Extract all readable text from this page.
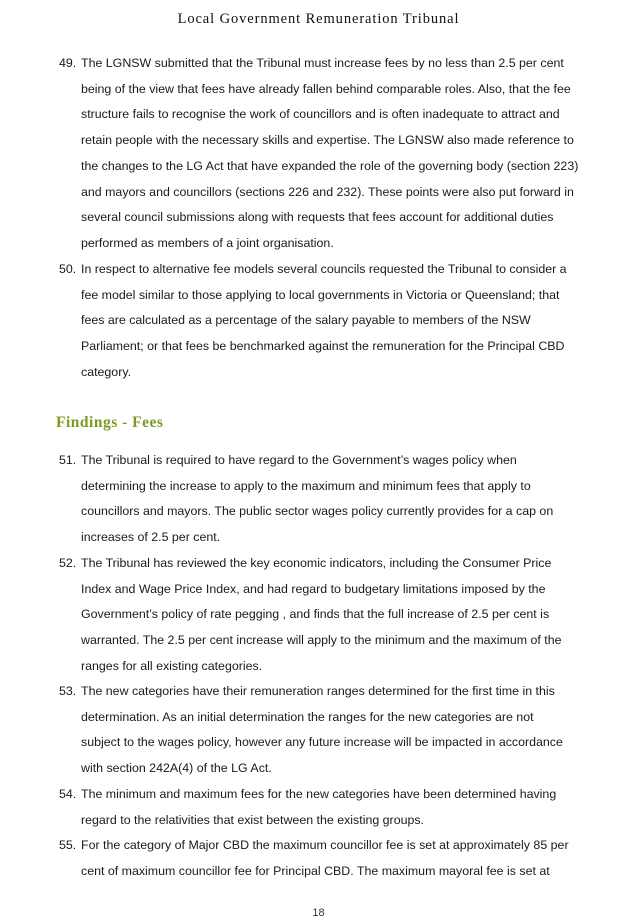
Local Government Remuneration Tribunal
49. The LGNSW submitted that the Tribunal must increase fees by no less than 2.5 per cent
being of the view that fees have already fallen behind comparable roles. Also, that the fee
structure fails to recognise the work of councillors and is often inadequate to attract and
retain people with the necessary skills and expertise. The LGNSW also made reference to
the changes to the LG Act that have expanded the role of the governing body (section 223)
and mayors and councillors (sections 226 and 232). These points were also put forward in
several council submissions along with requests that fees account for additional duties
performed as members of a joint organisation.
50. In respect to alternative fee models several councils requested the Tribunal to consider a
fee model similar to those applying to local governments in Victoria or Queensland; that
fees are calculated as a percentage of the salary payable to members of the NSW
Parliament; or that fees be benchmarked against the remuneration for the Principal CBD
category.
Findings - Fees
51. The Tribunal is required to have regard to the Government’s wages policy when
determining the increase to apply to the maximum and minimum fees that apply to
councillors and mayors. The public sector wages policy currently provides for a cap on
increases of 2.5 per cent.
52. The Tribunal has reviewed the key economic indicators, including the Consumer Price
Index and Wage Price Index, and had regard to budgetary limitations imposed by the
Government’s policy of rate pegging , and finds that the full increase of 2.5 per cent is
warranted. The 2.5 per cent increase will apply to the minimum and the maximum of the
ranges for all existing categories.
53. The new categories have their remuneration ranges determined for the first time in this
determination. As an initial determination the ranges for the new categories are not
subject to the wages policy, however any future increase will be impacted in accordance
with section 242A(4) of the LG Act.
54. The minimum and maximum fees for the new categories have been determined having
regard to the relativities that exist between the existing groups.
55. For the category of Major CBD the maximum councillor fee is set at approximately 85 per
cent of maximum councillor fee for Principal CBD. The maximum mayoral fee is set at
18
